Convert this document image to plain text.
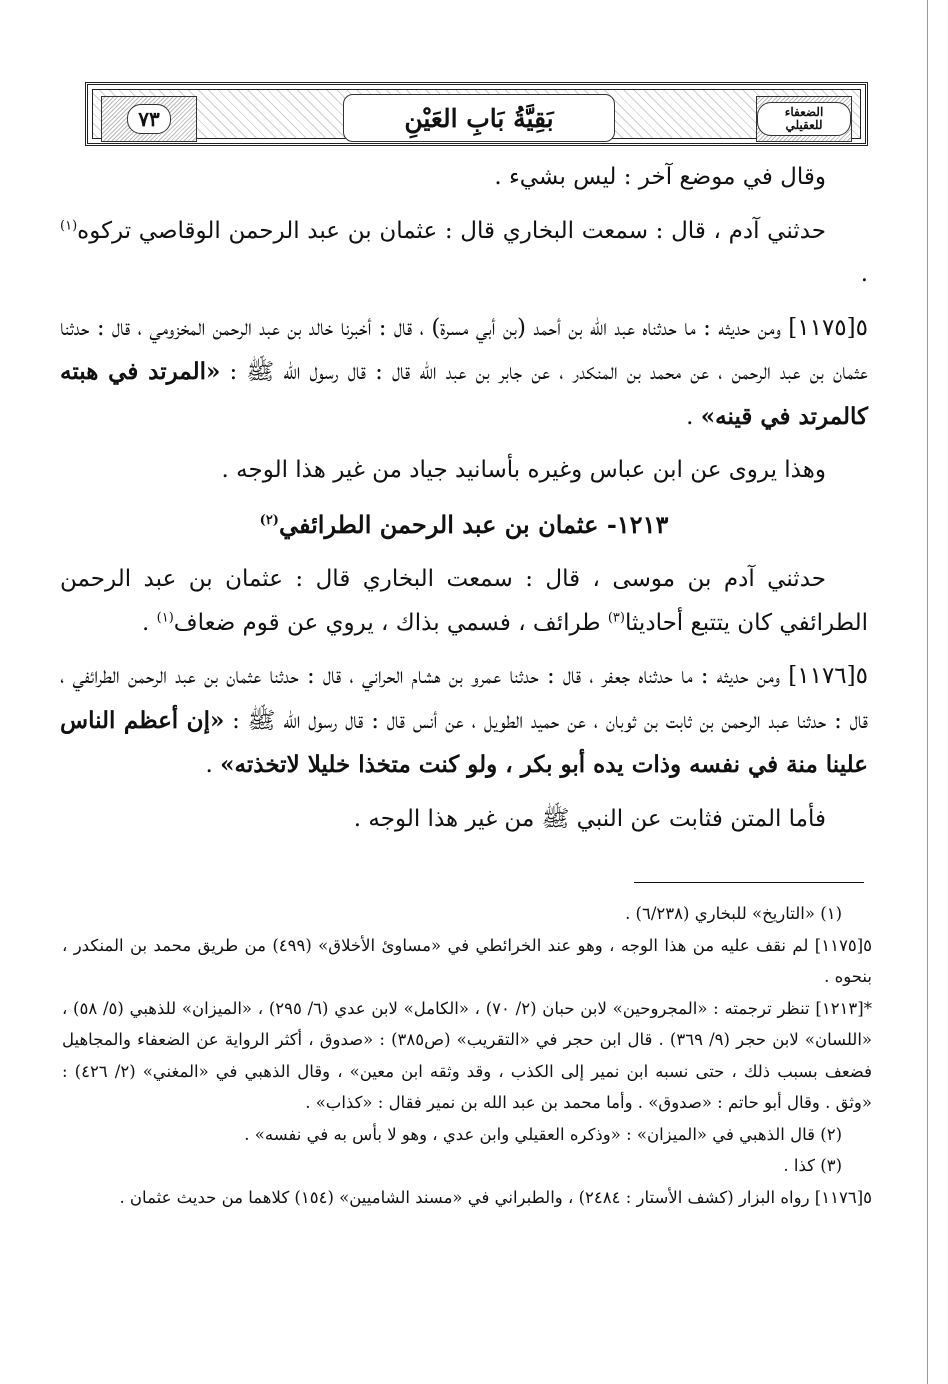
٧٣	بَقِيَّةُ بَابِ العَيْنِ	الضعفاء للعقيلي

وقال في موضع آخر : ليس بشيء .

حدثني آدم ، قال : سمعت البخاري قال : عثمان بن عبد الرحمن الوقاصي تركوه$^{(١)}$ .

٥[١١٧٥] ومن حديثه : ما حدثناه عبد الله بن أحمد (بن أبي مسرة) ، قال : أخبرنا خالد بن عبد الرحمن المخزومي ، قال : حدثنا عثمان بن عبد الرحمن ، عن محمد بن المنكدر ، عن جابر بن عبد الله قال : قال رسول الله ﷺ : «المرتد في هبته كالمرتد في قينه» .

وهذا يروى عن ابن عباس وغيره بأسانيد جياد من غير هذا الوجه .

١٢١٣- عثمان بن عبد الرحمن الطرائفي$^{(٢)}$

حدثني آدم بن موسى ، قال : سمعت البخاري قال : عثمان بن عبد الرحمن الطرائفي كان يتتبع أحاديثا$^{(٣)}$ طرائف ، فسمي بذاك ، يروي عن قوم ضعاف$^{(١)}$ .

٥[١١٧٦] ومن حديثه : ما حدثناه جعفر ، قال : حدثنا عمرو بن هشام الحراني ، قال : حدثنا عثمان بن عبد الرحمن الطرائفي ، قال : حدثنا عبد الرحمن بن ثابت بن ثوبان ، عن حميد الطويل ، عن أنس قال : قال رسول الله ﷺ : «إن أعظم الناس علينا منة في نفسه وذات يده أبو بكر ، ولو كنت متخذا خليلا لاتخذته» .

فأما المتن فثابت عن النبي ﷺ من غير هذا الوجه .

(١) «التاريخ» للبخاري (٦/٢٣٨) .

٥[١١٧٥] لم نقف عليه من هذا الوجه ، وهو عند الخرائطي في «مساوئ الأخلاق» (٤٩٩) من طريق محمد بن المنكدر ، بنحوه .

*[١٢١٣] تنظر ترجمته : «المجروحين» لابن حبان (٢/ ٧٠) ، «الكامل» لابن عدي (٦/ ٢٩٥) ، «الميزان» للذهبي (٥/ ٥٨) ، «اللسان» لابن حجر (٩/ ٣٦٩) . قال ابن حجر في «التقريب» (ص٣٨٥) : «صدوق ، أكثر الرواية عن الضعفاء والمجاهيل فضعف بسبب ذلك ، حتى نسبه ابن نمير إلى الكذب ، وقد وثقه ابن معين» ، وقال الذهبي في «المغني» (٢/ ٤٢٦) : «وثق . وقال أبو حاتم : «صدوق» . وأما محمد بن عبد الله بن نمير فقال : «كذاب» .

(٢) قال الذهبي في «الميزان» : «وذكره العقيلي وابن عدي ، وهو لا بأس به في نفسه» .

(٣) كذا .

٥[١١٧٦] رواه البزار (كشف الأستار : ٢٤٨٤) ، والطبراني في «مسند الشاميين» (١٥٤) كلاهما من حديث عثمان .
